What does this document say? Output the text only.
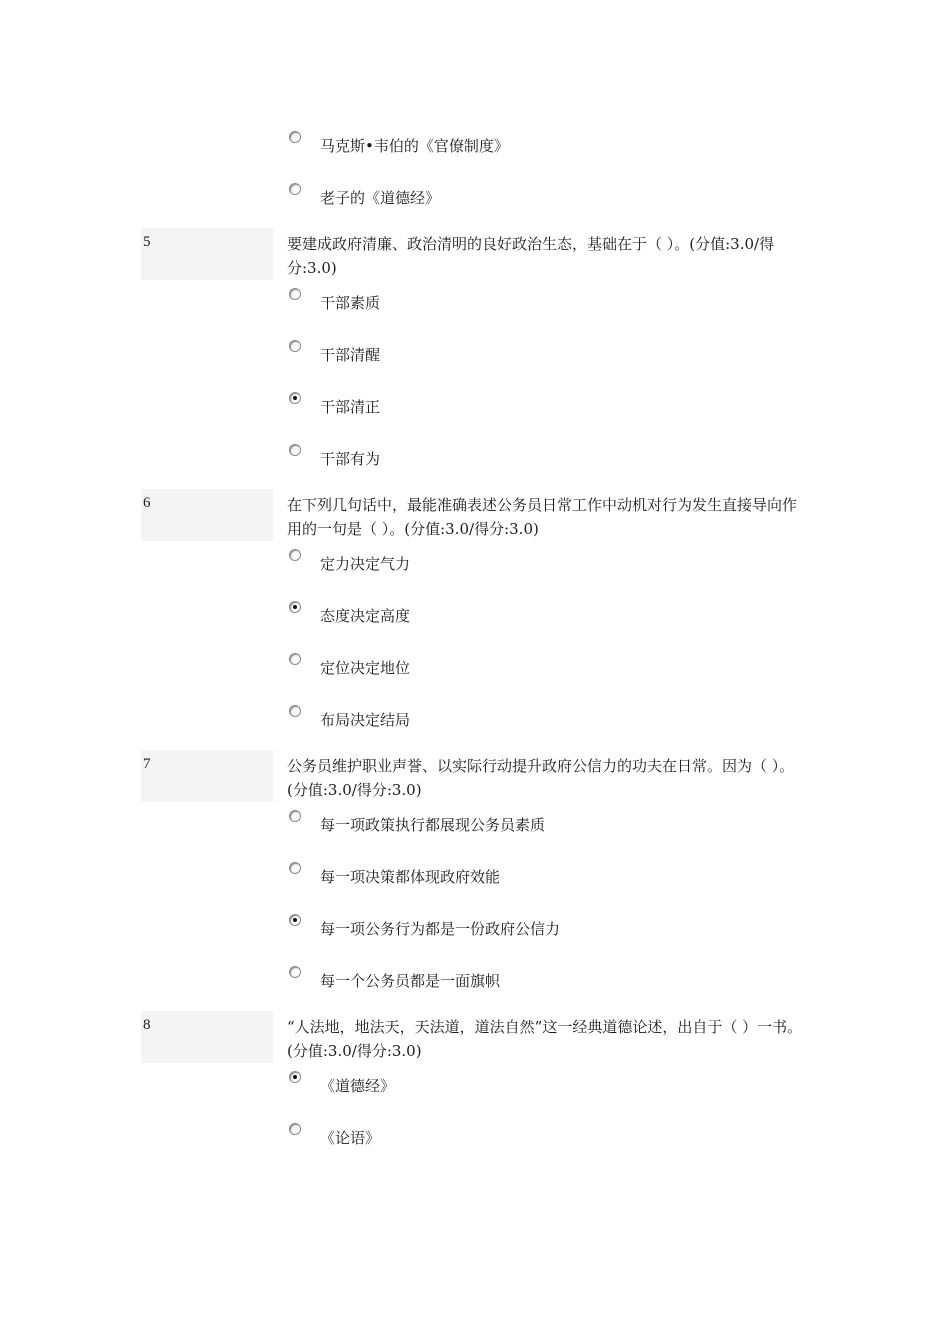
马克斯•韦伯的《官僚制度》
老子的《道德经》
5	要建成政府清廉、政治清明的良好政治生态，基础在于（ ）。(分值:3.0/得分:3.0)
干部素质
干部清醒
干部清正
干部有为
6	在下列几句话中，最能准确表述公务员日常工作中动机对行为发生直接导向作用的一句是（ ）。(分值:3.0/得分:3.0)
定力决定气力
态度决定高度
定位决定地位
布局决定结局
7	公务员维护职业声誉、以实际行动提升政府公信力的功夫在日常。因为（ ）。(分值:3.0/得分:3.0)
每一项政策执行都展现公务员素质
每一项决策都体现政府效能
每一项公务行为都是一份政府公信力
每一个公务员都是一面旗帜
8	“人法地，地法天，天法道，道法自然”这一经典道德论述，出自于（ ）一书。(分值:3.0/得分:3.0)
《道德经》
《论语》
